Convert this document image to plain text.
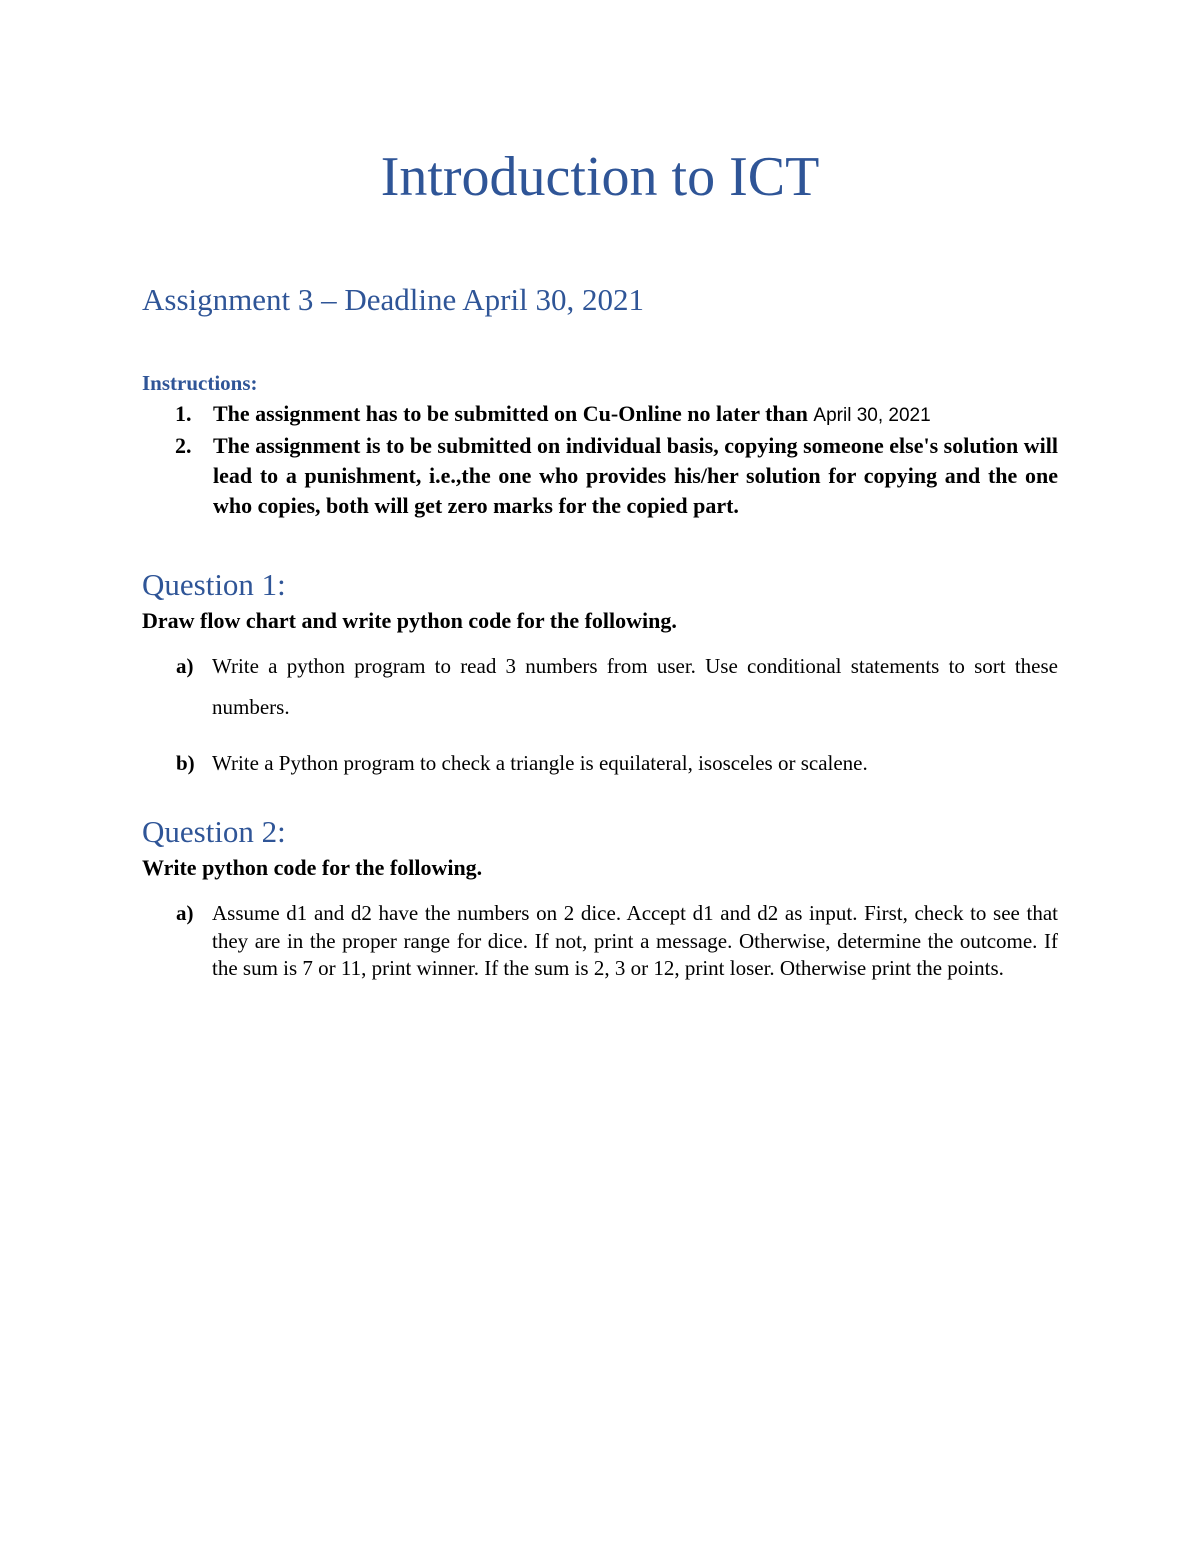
Introduction to ICT
Assignment 3 – Deadline April 30, 2021
Instructions:
1. The assignment has to be submitted on Cu-Online no later than April 30, 2021
2. The assignment is to be submitted on individual basis, copying someone else's solution will lead to a punishment, i.e.,the one who provides his/her solution for copying and the one who copies, both will get zero marks for the copied part.
Question 1:

Draw flow chart and write python code for the following.

a) Write a python program to read 3 numbers from user. Use conditional statements to sort these numbers.
b) Write a Python program to check a triangle is equilateral, isosceles or scalene.
Question 2:

Write python code for the following.

a) Assume d1 and d2 have the numbers on 2 dice. Accept d1 and d2 as input. First, check to see that they are in the proper range for dice. If not, print a message. Otherwise, determine the outcome. If the sum is 7 or 11, print winner. If the sum is 2, 3 or 12, print loser. Otherwise print the points.
